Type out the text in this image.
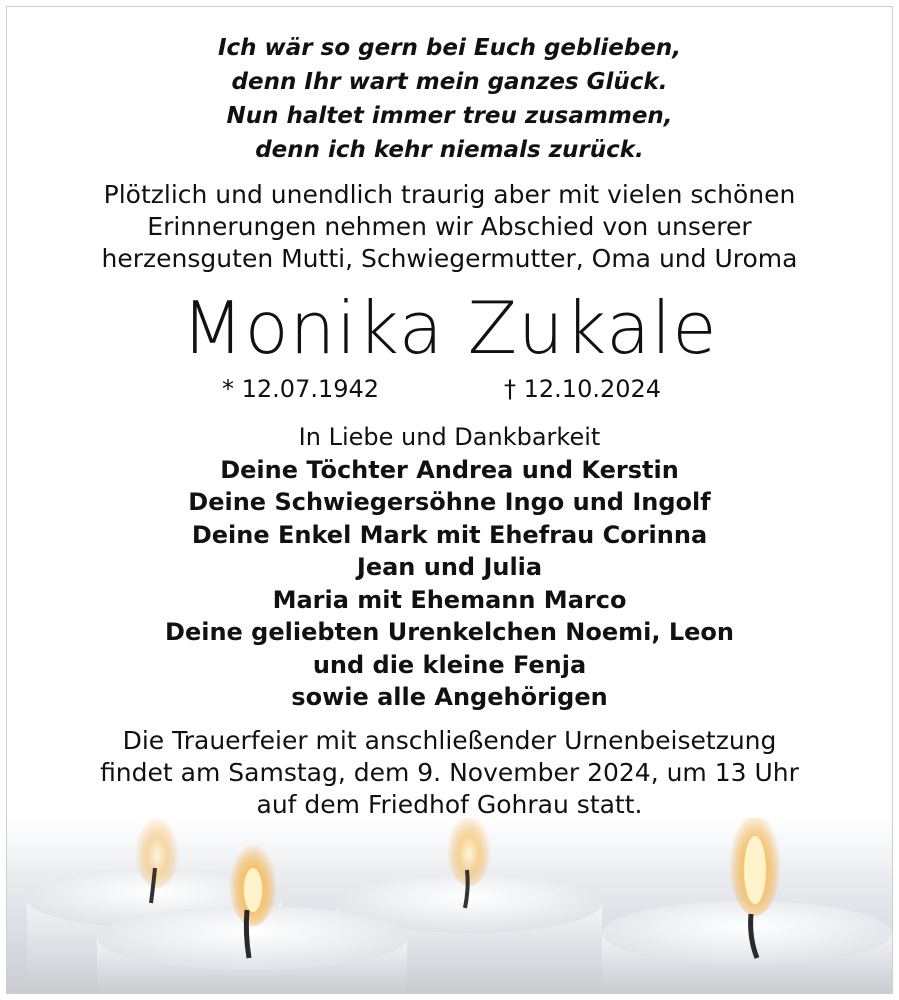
Ich wär so gern bei Euch geblieben,
denn Ihr wart mein ganzes Glück.
Nun haltet immer treu zusammen,
denn ich kehr niemals zurück.
Plötzlich und unendlich traurig aber mit vielen schönen
Erinnerungen nehmen wir Abschied von unserer
herzensguten Mutti, Schwiegermutter, Oma und Uroma
Monika Zukale
* 12.07.1942	† 12.10.2024
In Liebe und Dankbarkeit
Deine Töchter Andrea und Kerstin
Deine Schwiegersöhne Ingo und Ingolf
Deine Enkel Mark mit Ehefrau Corinna
Jean und Julia
Maria mit Ehemann Marco
Deine geliebten Urenkelchen Noemi, Leon
und die kleine Fenja
sowie alle Angehörigen
Die Trauerfeier mit anschließender Urnenbeisetzung
findet am Samstag, dem 9. November 2024, um 13 Uhr
auf dem Friedhof Gohrau statt.
